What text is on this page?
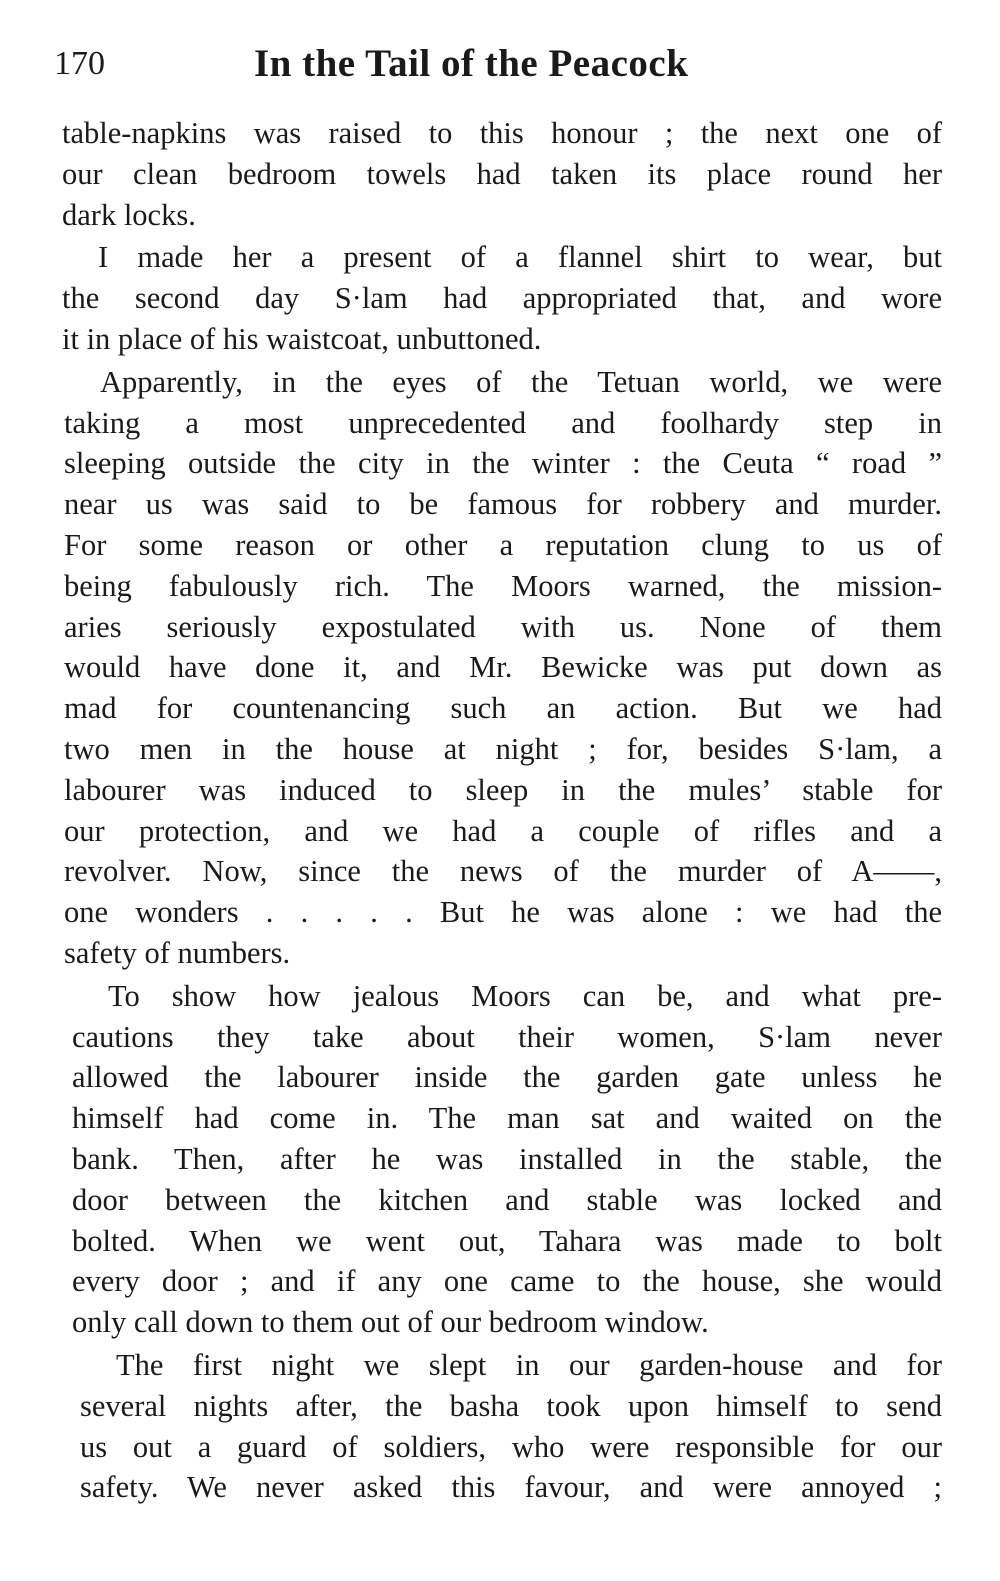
170	In the Tail of the Peacock
table-napkins was raised to this honour ; the next one of
our clean bedroom towels had taken its place round her
dark locks.
I made her a present of a flannel shirt to wear, but
the second day S·lam had appropriated that, and wore
it in place of his waistcoat, unbuttoned.
Apparently, in the eyes of the Tetuan world, we were
taking a most unprecedented and foolhardy step in
sleeping outside the city in the winter : the Ceuta “ road ”
near us was said to be famous for robbery and murder.
For some reason or other a reputation clung to us of
being fabulously rich. The Moors warned, the mission-
aries seriously expostulated with us. None of them
would have done it, and Mr. Bewicke was put down as
mad for countenancing such an action. But we had
two men in the house at night ; for, besides S·lam, a
labourer was induced to sleep in the mules’ stable for
our protection, and we had a couple of rifles and a
revolver. Now, since the news of the murder of A——,
one wonders . . . . . But he was alone : we had the
safety of numbers.
To show how jealous Moors can be, and what pre-
cautions they take about their women, S·lam never
allowed the labourer inside the garden gate unless he
himself had come in. The man sat and waited on the
bank. Then, after he was installed in the stable, the
door between the kitchen and stable was locked and
bolted. When we went out, Tahara was made to bolt
every door ; and if any one came to the house, she would
only call down to them out of our bedroom window.
The first night we slept in our garden-house and for
several nights after, the basha took upon himself to send
us out a guard of soldiers, who were responsible for our
safety. We never asked this favour, and were annoyed ;
